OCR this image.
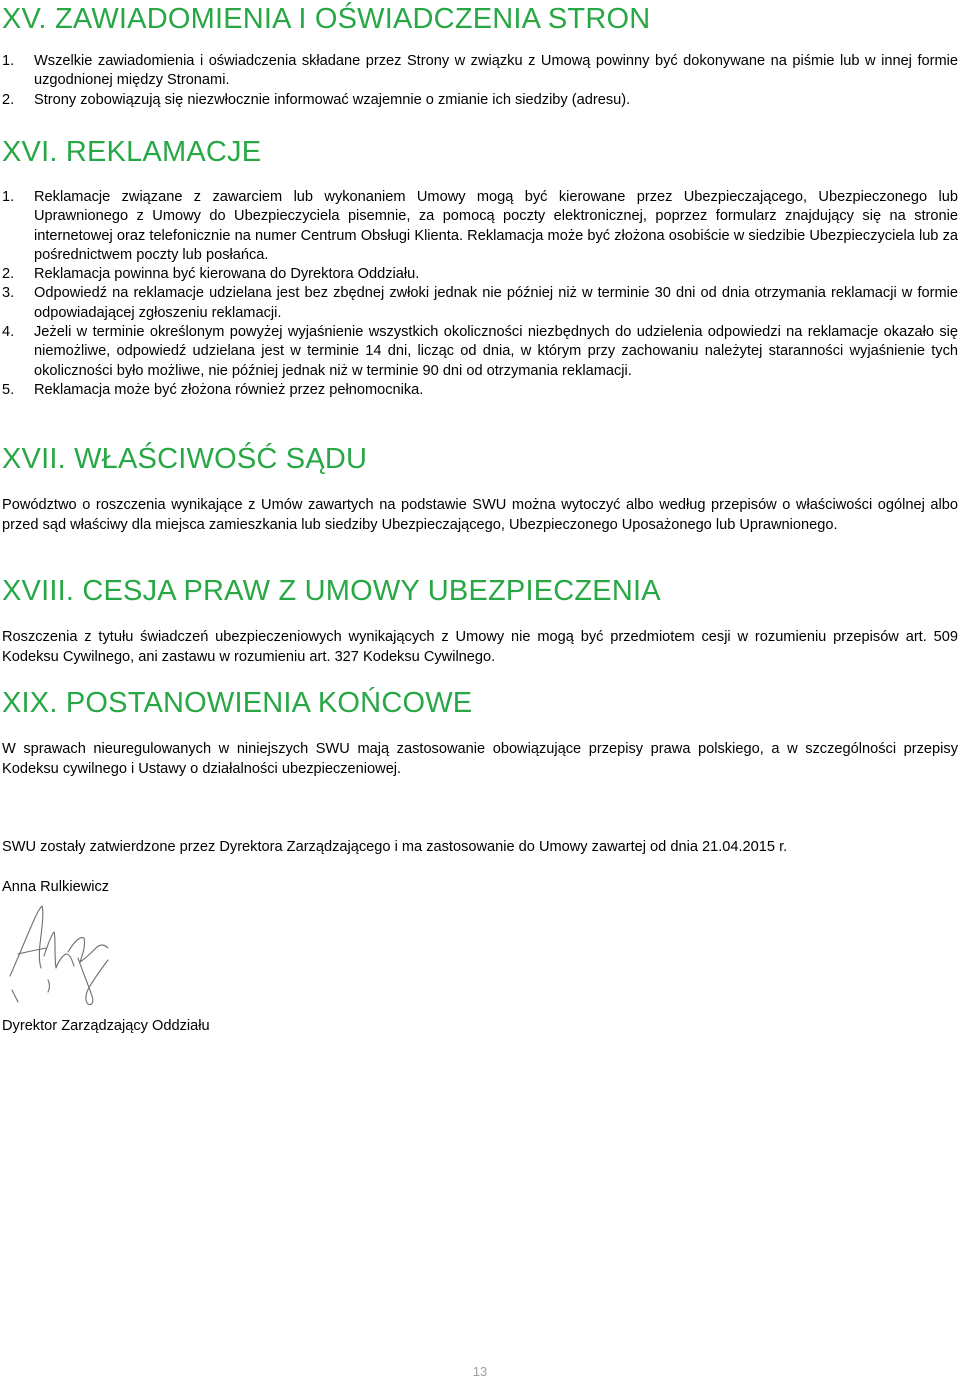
XV. ZAWIADOMIENIA I OŚWIADCZENIA STRON
1. Wszelkie zawiadomienia i oświadczenia składane przez Strony w związku z Umową powinny być dokonywane na piśmie lub w innej formie uzgodnionej między Stronami.
2. Strony zobowiązują się niezwłocznie informować wzajemnie o zmianie ich siedziby (adresu).
XVI. REKLAMACJE
1. Reklamacje związane z zawarciem lub wykonaniem Umowy mogą być kierowane przez Ubezpieczającego, Ubezpieczonego lub Uprawnionego z Umowy do Ubezpieczyciela pisemnie, za pomocą poczty elektronicznej, poprzez formularz znajdujący się na stronie internetowej oraz telefonicznie na numer Centrum Obsługi Klienta. Reklamacja może być złożona osobiście w siedzibie Ubezpieczyciela lub za pośrednictwem poczty lub posłańca.
2. Reklamacja powinna być kierowana do Dyrektora Oddziału.
3. Odpowiedź na reklamacje udzielana jest bez zbędnej zwłoki jednak nie później niż w terminie 30 dni od dnia otrzymania reklamacji w formie odpowiadającej zgłoszeniu reklamacji.
4. Jeżeli w terminie określonym powyżej wyjaśnienie wszystkich okoliczności niezbędnych do udzielenia odpowiedzi na reklamacje okazało się niemożliwe, odpowiedź udzielana jest w terminie 14 dni, licząc od dnia, w którym przy zachowaniu należytej staranności wyjaśnienie tych okoliczności było możliwe, nie później jednak niż w terminie 90 dni od otrzymania reklamacji.
5. Reklamacja może być złożona również przez pełnomocnika.
XVII. WŁAŚCIWOŚĆ SĄDU

Powództwo o roszczenia wynikające z Umów zawartych na podstawie SWU można wytoczyć albo według przepisów o właściwości ogólnej albo przed sąd właściwy dla miejsca zamieszkania lub siedziby Ubezpieczającego, Ubezpieczonego Uposażonego lub Uprawnionego.

XVIII. CESJA PRAW Z UMOWY UBEZPIECZENIA

Roszczenia z tytułu świadczeń ubezpieczeniowych wynikających z Umowy nie mogą być przedmiotem cesji w rozumieniu przepisów art. 509 Kodeksu Cywilnego, ani zastawu w rozumieniu art. 327 Kodeksu Cywilnego.

XIX. POSTANOWIENIA KOŃCOWE

W sprawach nieuregulowanych w niniejszych SWU mają zastosowanie obowiązujące przepisy prawa polskiego, a w szczególności przepisy Kodeksu cywilnego i Ustawy o działalności ubezpieczeniowej.

SWU zostały zatwierdzone przez Dyrektora Zarządzającego i ma zastosowanie do Umowy zawartej od dnia 21.04.2015 r.

Anna Rulkiewicz

Dyrektor Zarządzający Oddziału

13
